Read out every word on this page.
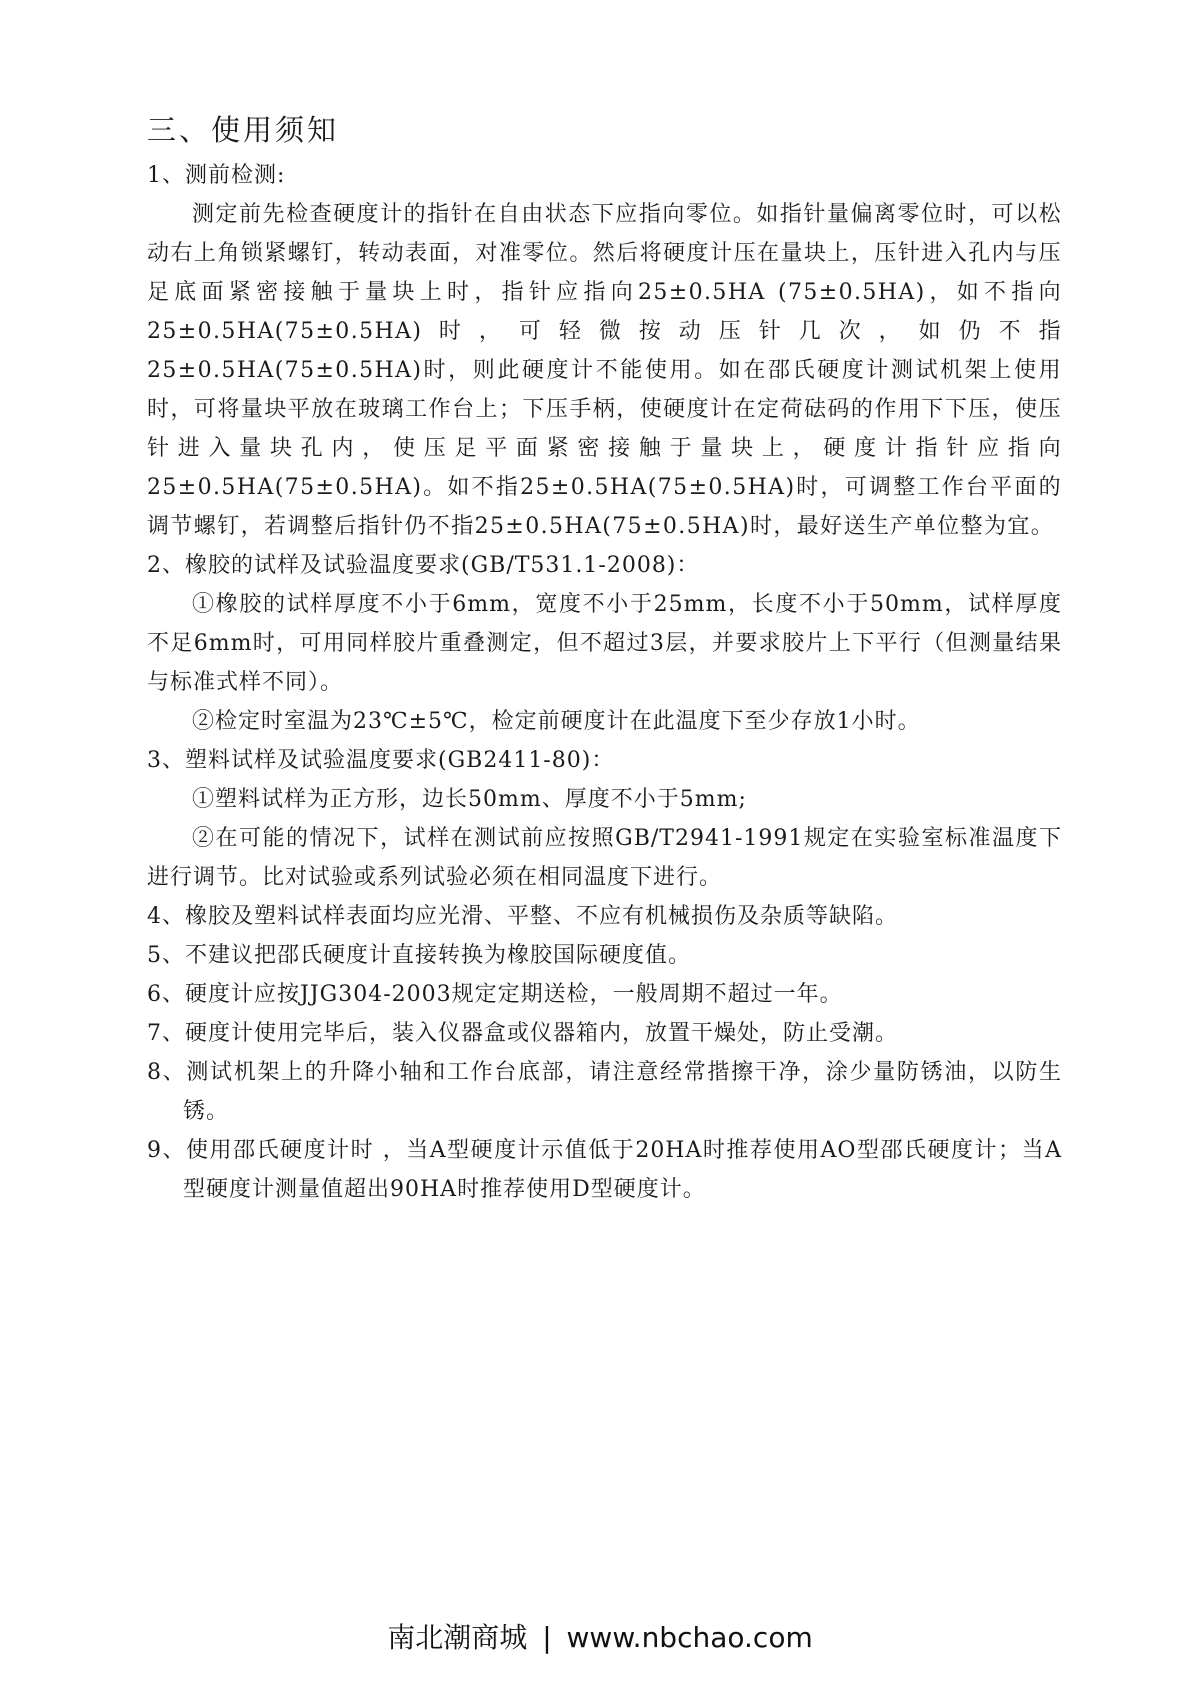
三、使用须知

1、测前检测:

测定前先检查硬度计的指针在自由状态下应指向零位。如指针量偏离零位时，可以松动右上角锁紧螺钉，转动表面，对准零位。然后将硬度计压在量块上，压针进入孔内与压足底面紧密接触于量块上时，指针应指向25±0.5HA (75±0.5HA)，如不指向25±0.5HA(75±0.5HA)时，可轻微按动压针几次，如仍不指25±0.5HA(75±0.5HA)时，则此硬度计不能使用。如在邵氏硬度计测试机架上使用时，可将量块平放在玻璃工作台上；下压手柄，使硬度计在定荷砝码的作用下下压，使压针进入量块孔内，使压足平面紧密接触于量块上，硬度计指针应指向25±0.5HA(75±0.5HA)。如不指25±0.5HA(75±0.5HA)时，可调整工作台平面的调节螺钉，若调整后指针仍不指25±0.5HA(75±0.5HA)时，最好送生产单位整为宜。

2、橡胶的试样及试验温度要求(GB/T531.1-2008)：

①橡胶的试样厚度不小于6mm，宽度不小于25mm，长度不小于50mm，试样厚度不足6mm时，可用同样胶片重叠测定，但不超过3层，并要求胶片上下平行（但测量结果与标准式样不同）。

②检定时室温为23℃±5℃，检定前硬度计在此温度下至少存放1小时。

3、塑料试样及试验温度要求(GB2411-80)：

①塑料试样为正方形，边长50mm、厚度不小于5mm;

②在可能的情况下，试样在测试前应按照GB/T2941-1991规定在实验室标准温度下进行调节。比对试验或系列试验必须在相同温度下进行。

4、橡胶及塑料试样表面均应光滑、平整、不应有机械损伤及杂质等缺陷。

5、不建议把邵氏硬度计直接转换为橡胶国际硬度值。

6、硬度计应按JJG304-2003规定定期送检，一般周期不超过一年。

7、硬度计使用完毕后，装入仪器盒或仪器箱内，放置干燥处，防止受潮。

8、测试机架上的升降小轴和工作台底部，请注意经常揩擦干净，涂少量防锈油，以防生锈。

9、使用邵氏硬度计时 ，当A型硬度计示值低于20HA时推荐使用AO型邵氏硬度计；当A型硬度计测量值超出90HA时推荐使用D型硬度计。

南北潮商城 | www.nbchao.com
